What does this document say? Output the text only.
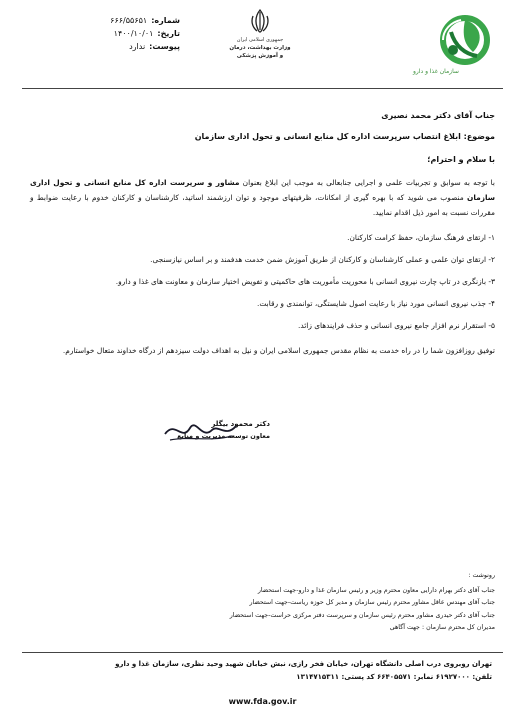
سازمان غذا و دارو
جمهوری اسلامی ایران
وزارت بهداشت، درمان
و آموزش پزشکی
شماره:
۶۶۶/۵۵۶۵۱
تاریخ:
۱۴۰۰/۱۰/۰۱
پیوست:
ندارد
جناب آقای دکتر محمد نصیری
موضوع: ابلاغ انتصاب سرپرست اداره کل منابع انسانی و تحول اداری سازمان
با سلام و احترام؛
با توجه به سوابق و تجربیات علمی و اجرایی جنابعالی به موجب این ابلاغ بعنوان مشاور و سرپرست اداره کل منابع انسانی و تحول اداری سازمان منصوب می شوید که با بهره گیری از امکانات، ظرفیتهای موجود و توان ارزشمند اساتید، کارشناسان و کارکنان خدوم با رعایت ضوابط و مقررات نسبت به امور ذیل اقدام نمایید.
۱- ارتقای فرهنگ سازمان، حفظ کرامت کارکنان.
۲- ارتقای توان علمی و عملی کارشناسان و کارکنان از طریق آموزش ضمن خدمت هدفمند و بر اساس نیازسنجی.
۳- بازنگری در تاپ چارت نیروی انسانی با محوریت مأموریت های حاکمیتی و تفویض اختیار سازمان و معاونت های غذا و دارو.
۴- جذب نیروی انسانی مورد نیاز با رعایت اصول شایستگی، توانمندی و رقابت.
۵- استقرار نرم افزار جامع نیروی انسانی و حذف فرایندهای زائد.
توفیق روزافزون شما را در راه خدمت به نظام مقدس جمهوری اسلامی ایران و نیل به اهداف دولت سیزدهم از درگاه خداوند متعال خواستارم.
دکتر محمود بیگلر
معاون توسعه مدیریت و منابع
رونوشت :
جناب آقای دکتر بهرام دارایی معاون محترم وزیر و رئیس سازمان غذا و دارو-جهت استحضار
جناب آقای مهندس عاقل مشاور محترم رئیس سازمان و مدیر کل حوزه ریاست-جهت استحضار
جناب آقای دکتر حیدری مشاور محترم رئیس سازمان و سرپرست دفتر مرکزی حراست-جهت استحضار
مدیران کل محترم سازمان : جهت آگاهی
تهران روبروی درب اصلی دانشگاه تهران، خیابان فخر رازی، نبش خیابان شهید وحید نظری، سازمان غذا و دارو
تلفن: ۶۱۹۲۷۰۰۰ نمابر: ۶۶۴۰۵۵۷۱ کد پستی: ۱۳۱۴۷۱۵۳۱۱
www.fda.gov.ir
